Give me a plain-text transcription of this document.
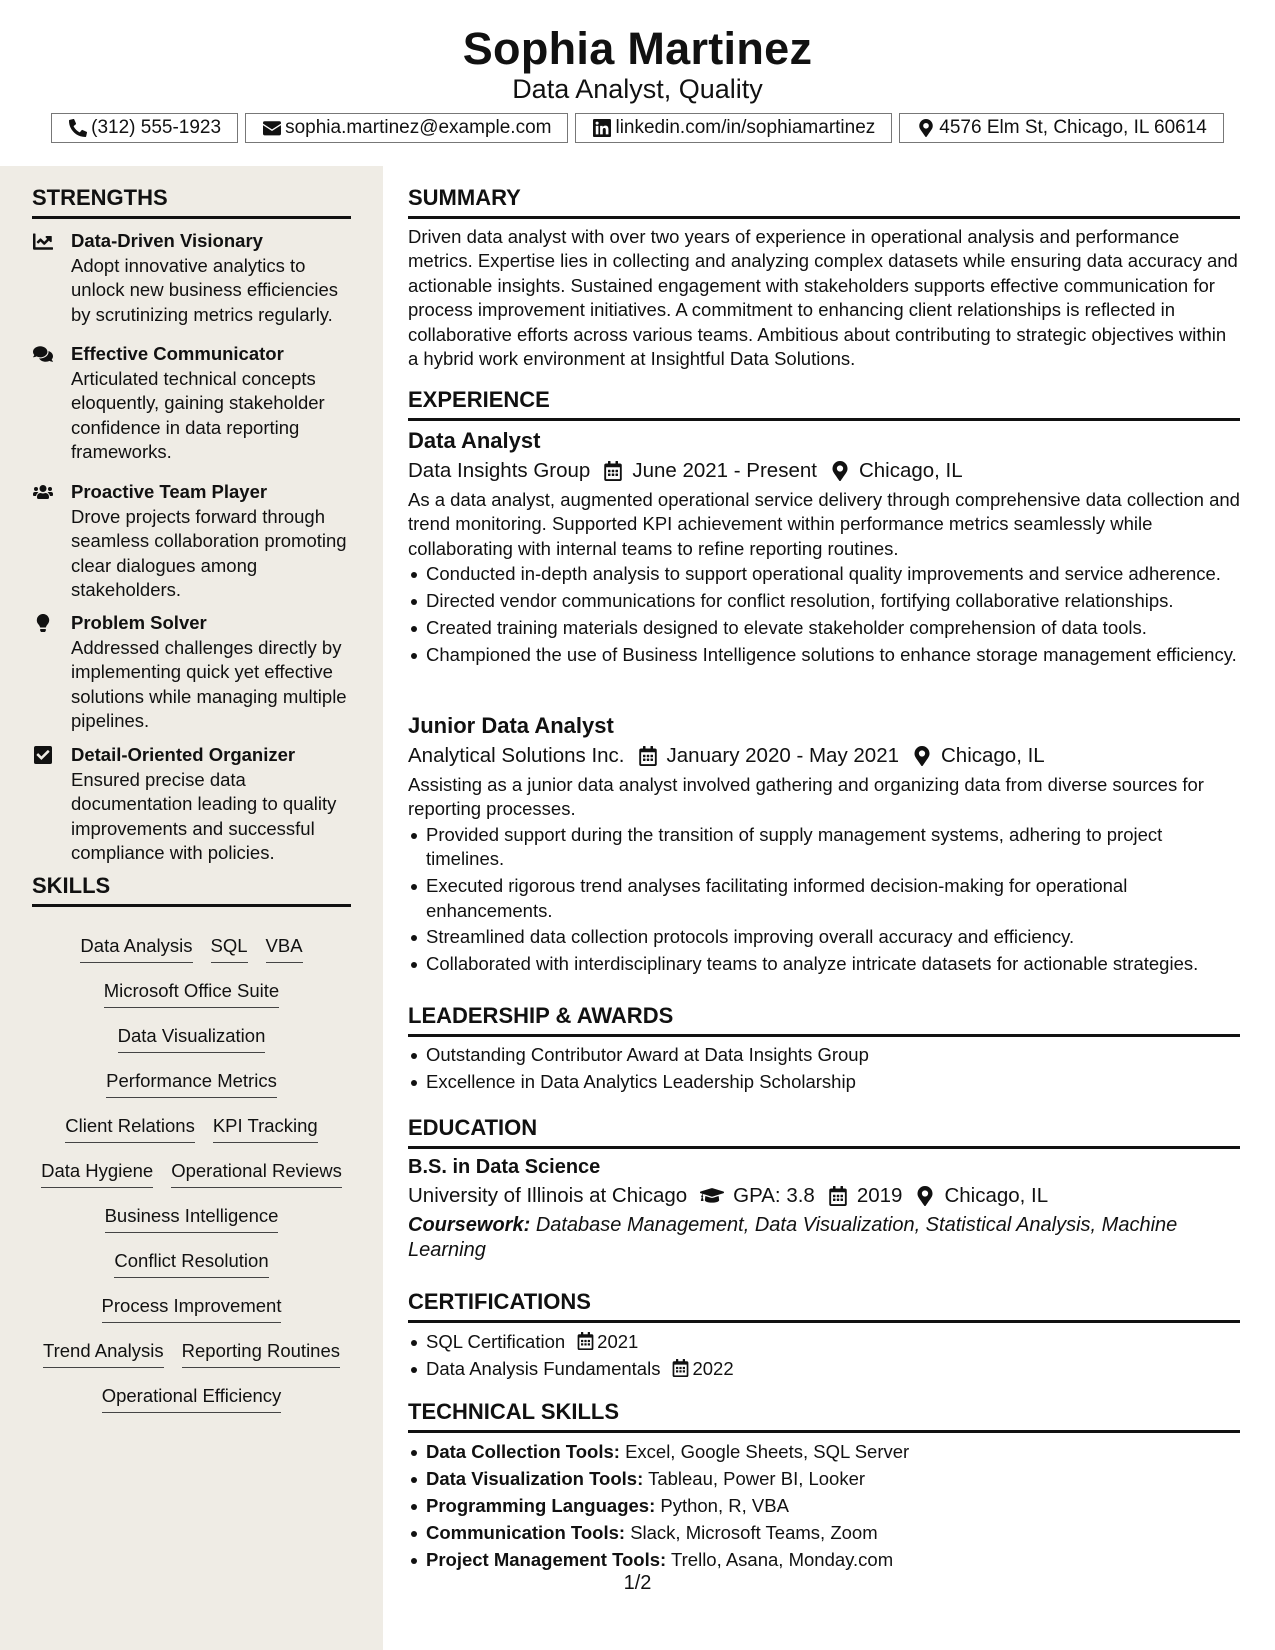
Sophia Martinez
Data Analyst, Quality
(312) 555-1923	sophia.martinez@example.com	linkedin.com/in/sophiamartinez	4576 Elm St, Chicago, IL 60614
STRENGTHS
Data-Driven Visionary
Adopt innovative analytics to unlock new business efficiencies by scrutinizing metrics regularly.
Effective Communicator
Articulated technical concepts eloquently, gaining stakeholder confidence in data reporting frameworks.
Proactive Team Player
Drove projects forward through seamless collaboration promoting clear dialogues among stakeholders.
Problem Solver
Addressed challenges directly by implementing quick yet effective solutions while managing multiple pipelines.
Detail-Oriented Organizer
Ensured precise data documentation leading to quality improvements and successful compliance with policies.
SKILLS
Data Analysis SQL VBA
Microsoft Office Suite
Data Visualization
Performance Metrics
Client Relations KPI Tracking
Data Hygiene Operational Reviews
Business Intelligence
Conflict Resolution
Process Improvement
Trend Analysis Reporting Routines
Operational Efficiency
SUMMARY
Driven data analyst with over two years of experience in operational analysis and performance metrics. Expertise lies in collecting and analyzing complex datasets while ensuring data accuracy and actionable insights. Sustained engagement with stakeholders supports effective communication for process improvement initiatives. A commitment to enhancing client relationships is reflected in collaborative efforts across various teams. Ambitious about contributing to strategic objectives within a hybrid work environment at Insightful Data Solutions.
EXPERIENCE
Data Analyst
Data Insights Group June 2021 - Present Chicago, IL
As a data analyst, augmented operational service delivery through comprehensive data collection and trend monitoring. Supported KPI achievement within performance metrics seamlessly while collaborating with internal teams to refine reporting routines.
Conducted in-depth analysis to support operational quality improvements and service adherence.
Directed vendor communications for conflict resolution, fortifying collaborative relationships.
Created training materials designed to elevate stakeholder comprehension of data tools.
Championed the use of Business Intelligence solutions to enhance storage management efficiency.
Junior Data Analyst
Analytical Solutions Inc. January 2020 - May 2021 Chicago, IL
Assisting as a junior data analyst involved gathering and organizing data from diverse sources for reporting processes.
Provided support during the transition of supply management systems, adhering to project timelines.
Executed rigorous trend analyses facilitating informed decision-making for operational enhancements.
Streamlined data collection protocols improving overall accuracy and efficiency.
Collaborated with interdisciplinary teams to analyze intricate datasets for actionable strategies.
LEADERSHIP & AWARDS
Outstanding Contributor Award at Data Insights Group
Excellence in Data Analytics Leadership Scholarship
EDUCATION
B.S. in Data Science
University of Illinois at Chicago GPA: 3.8 2019 Chicago, IL
Coursework: Database Management, Data Visualization, Statistical Analysis, Machine Learning
CERTIFICATIONS
SQL Certification 2021
Data Analysis Fundamentals 2022
TECHNICAL SKILLS
Data Collection Tools: Excel, Google Sheets, SQL Server
Data Visualization Tools: Tableau, Power BI, Looker
Programming Languages: Python, R, VBA
Communication Tools: Slack, Microsoft Teams, Zoom
Project Management Tools: Trello, Asana, Monday.com
1/2
